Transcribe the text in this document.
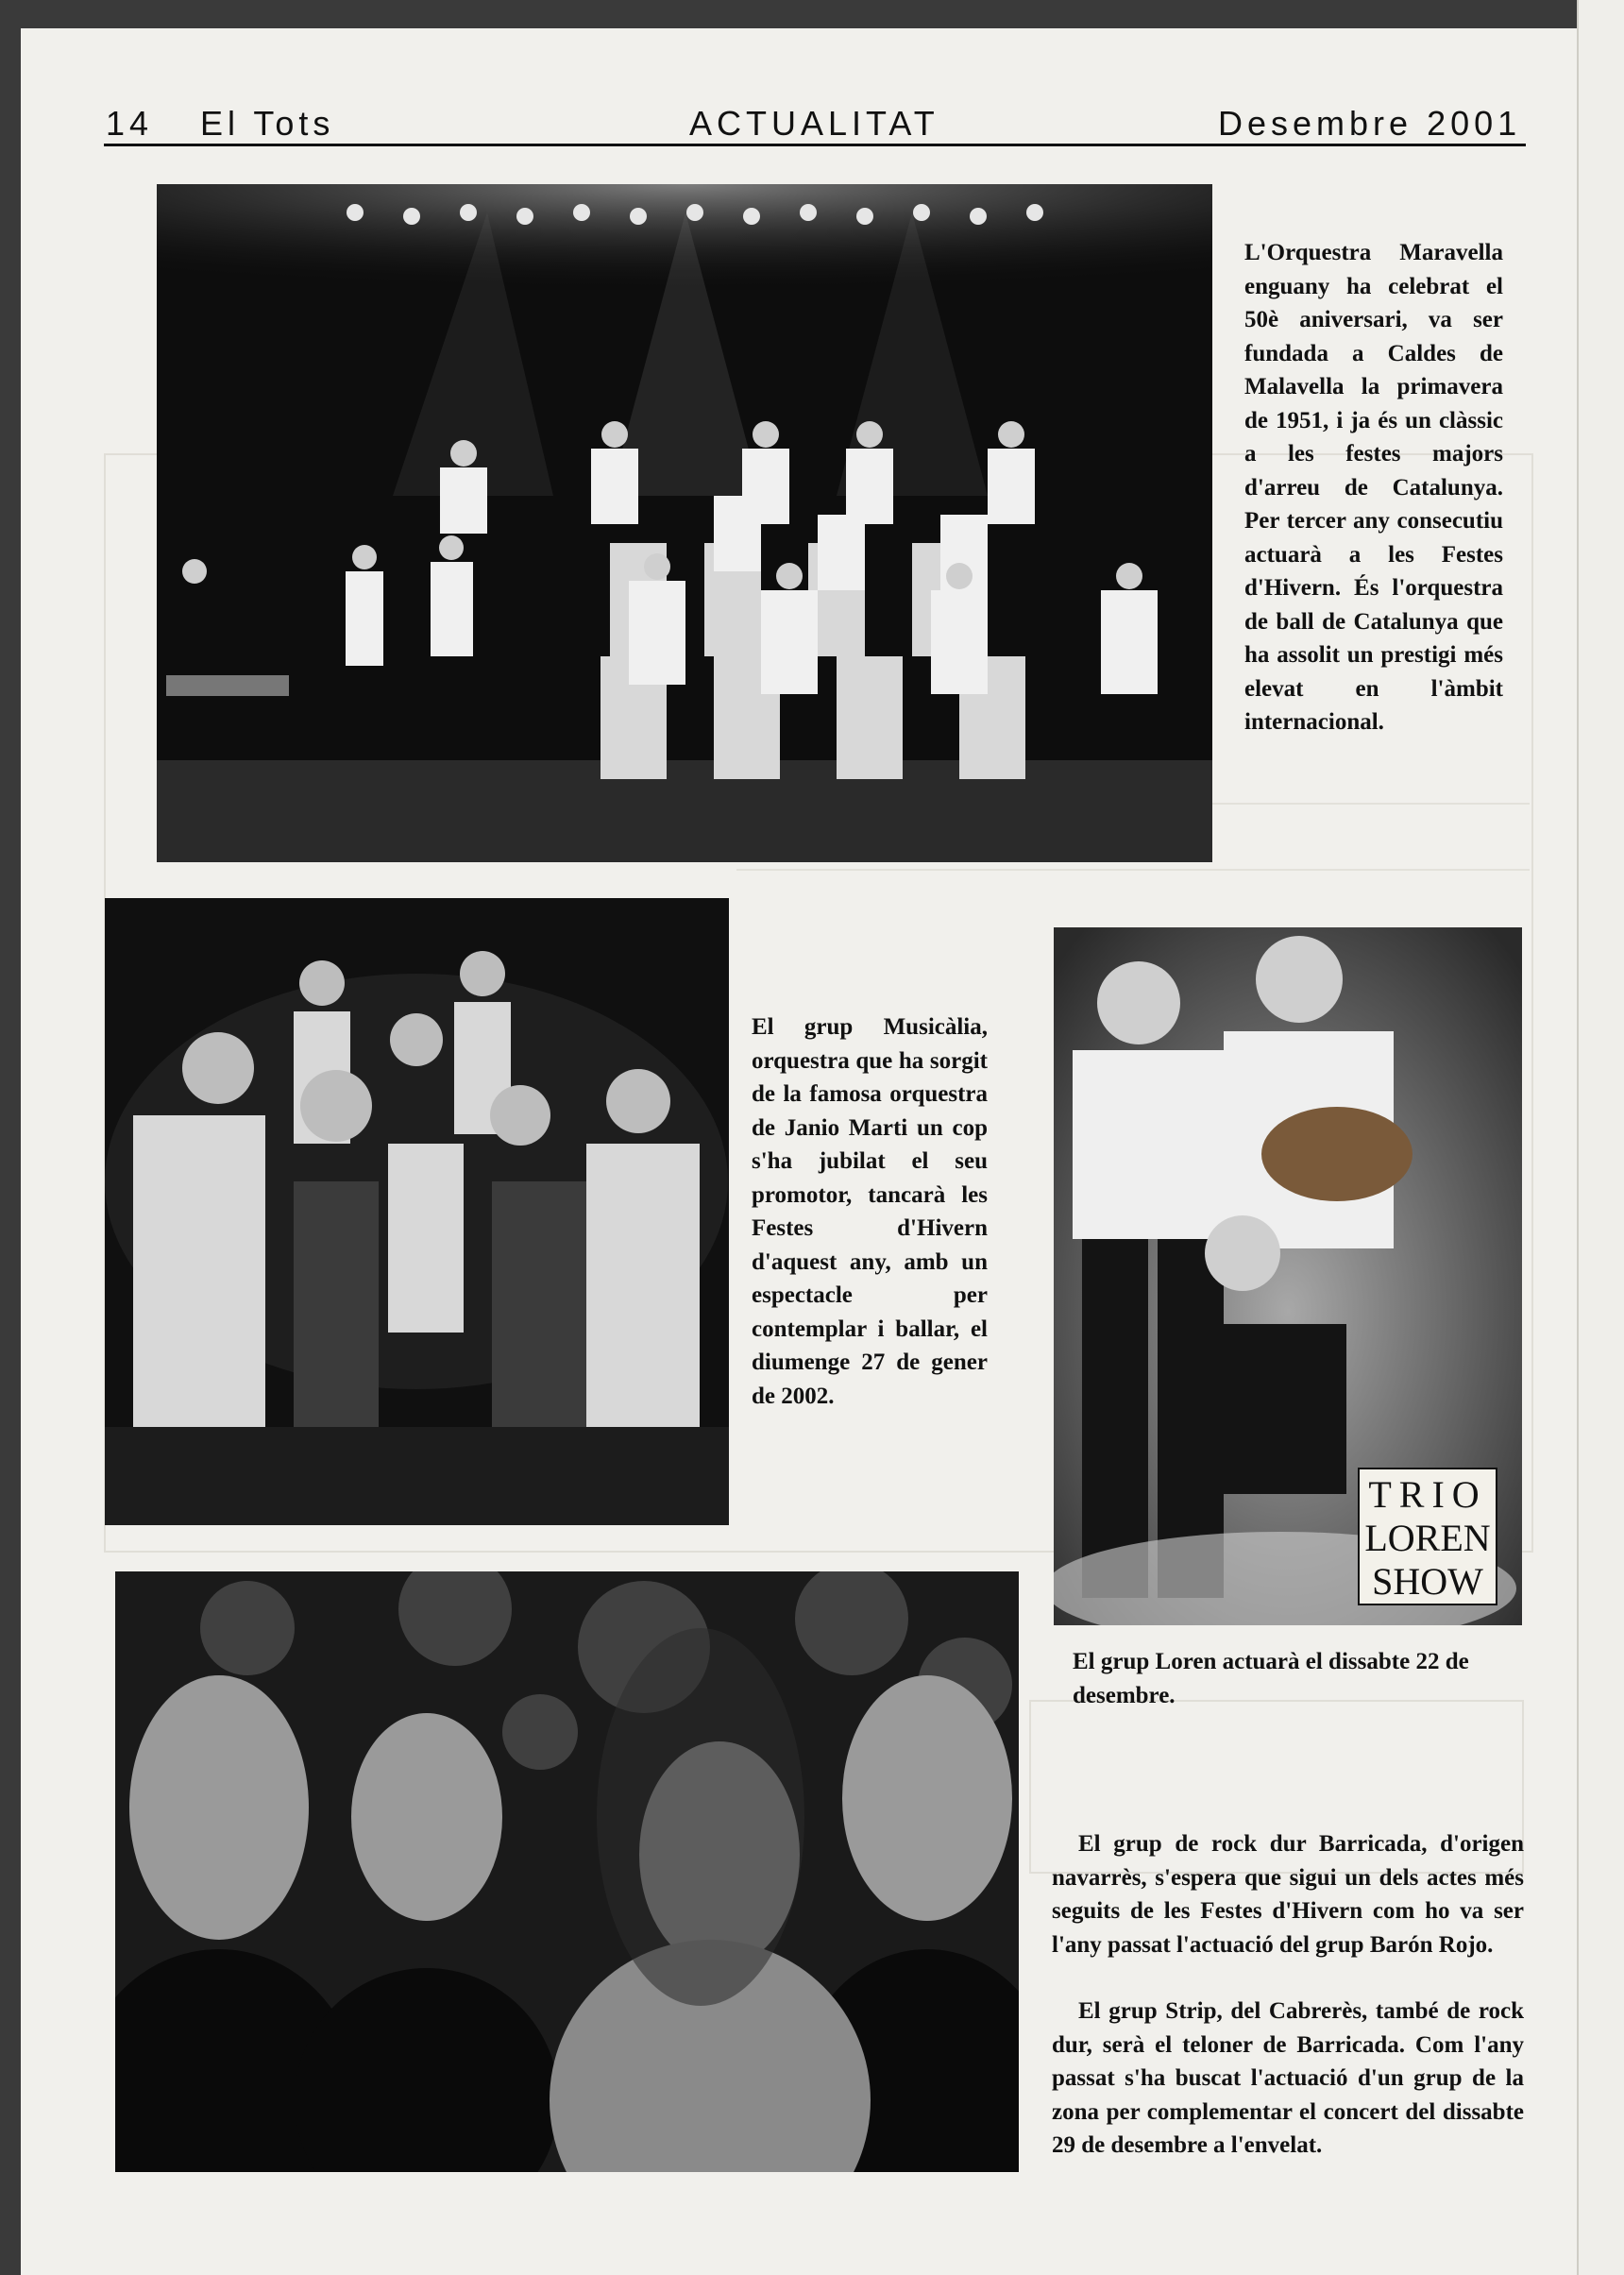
14 El Tots	ACTUALITAT	Desembre 2001

L'Orquestra Maravella enguany ha celebrat el 50è aniversari, va ser fundada a Caldes de Malavella la primavera de 1951, i ja és un clàssic a les festes majors d'arreu de Catalunya. Per tercer any consecutiu actuarà a les Festes d'Hivern. És l'orquestra de ball de Catalunya que ha assolit un prestigi més elevat en l'àmbit internacional.

El grup Musicàlia, orquestra que ha sorgit de la famosa orquestra de Janio Marti un cop s'ha jubilat el seu promotor, tancarà les Festes d'Hivern d'aquest any, amb un espectacle per contemplar i ballar, el diumenge 27 de gener de 2002.

TRIO
LOREN
SHOW

El grup Loren actuarà el dissabte 22 de desembre.

El grup de rock dur Barricada, d'origen navarrès, s'espera que sigui un dels actes més seguits de les Festes d'Hivern com ho va ser l'any passat l'actuació del grup Barón Rojo.

El grup Strip, del Cabrerès, també de rock dur, serà el teloner de Barricada. Com l'any passat s'ha buscat l'actuació d'un grup de la zona per complementar el concert del dissabte 29 de desembre a l'envelat.
